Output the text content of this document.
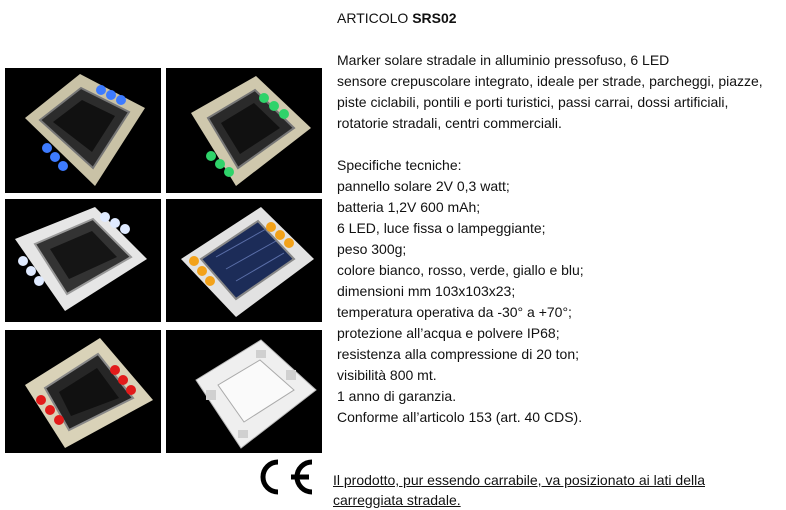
ARTICOLO SRS02

Marker solare stradale in alluminio pressofuso, 6 LED

sensore crepuscolare integrato, ideale per strade, parcheggi, piazze,

piste ciclabili, pontili e porti turistici, passi carrai, dossi artificiali,

rotatorie stradali, centri commerciali.

Specifiche tecniche:

pannello solare 2V 0,3 watt;

batteria 1,2V 600 mAh;

6 LED, luce fissa o lampeggiante;

peso 300g;

colore bianco, rosso, verde, giallo e blu;

dimensioni mm 103x103x23;

temperatura operativa da -30° a +70°;

protezione all’acqua e polvere IP68;

resistenza alla compressione di 20 ton;

visibilità 800 mt.

1 anno di garanzia.

Conforme all’articolo 153 (art. 40 CDS).

Il prodotto, pur essendo carrabile, va posizionato ai lati della carreggiata stradale.
